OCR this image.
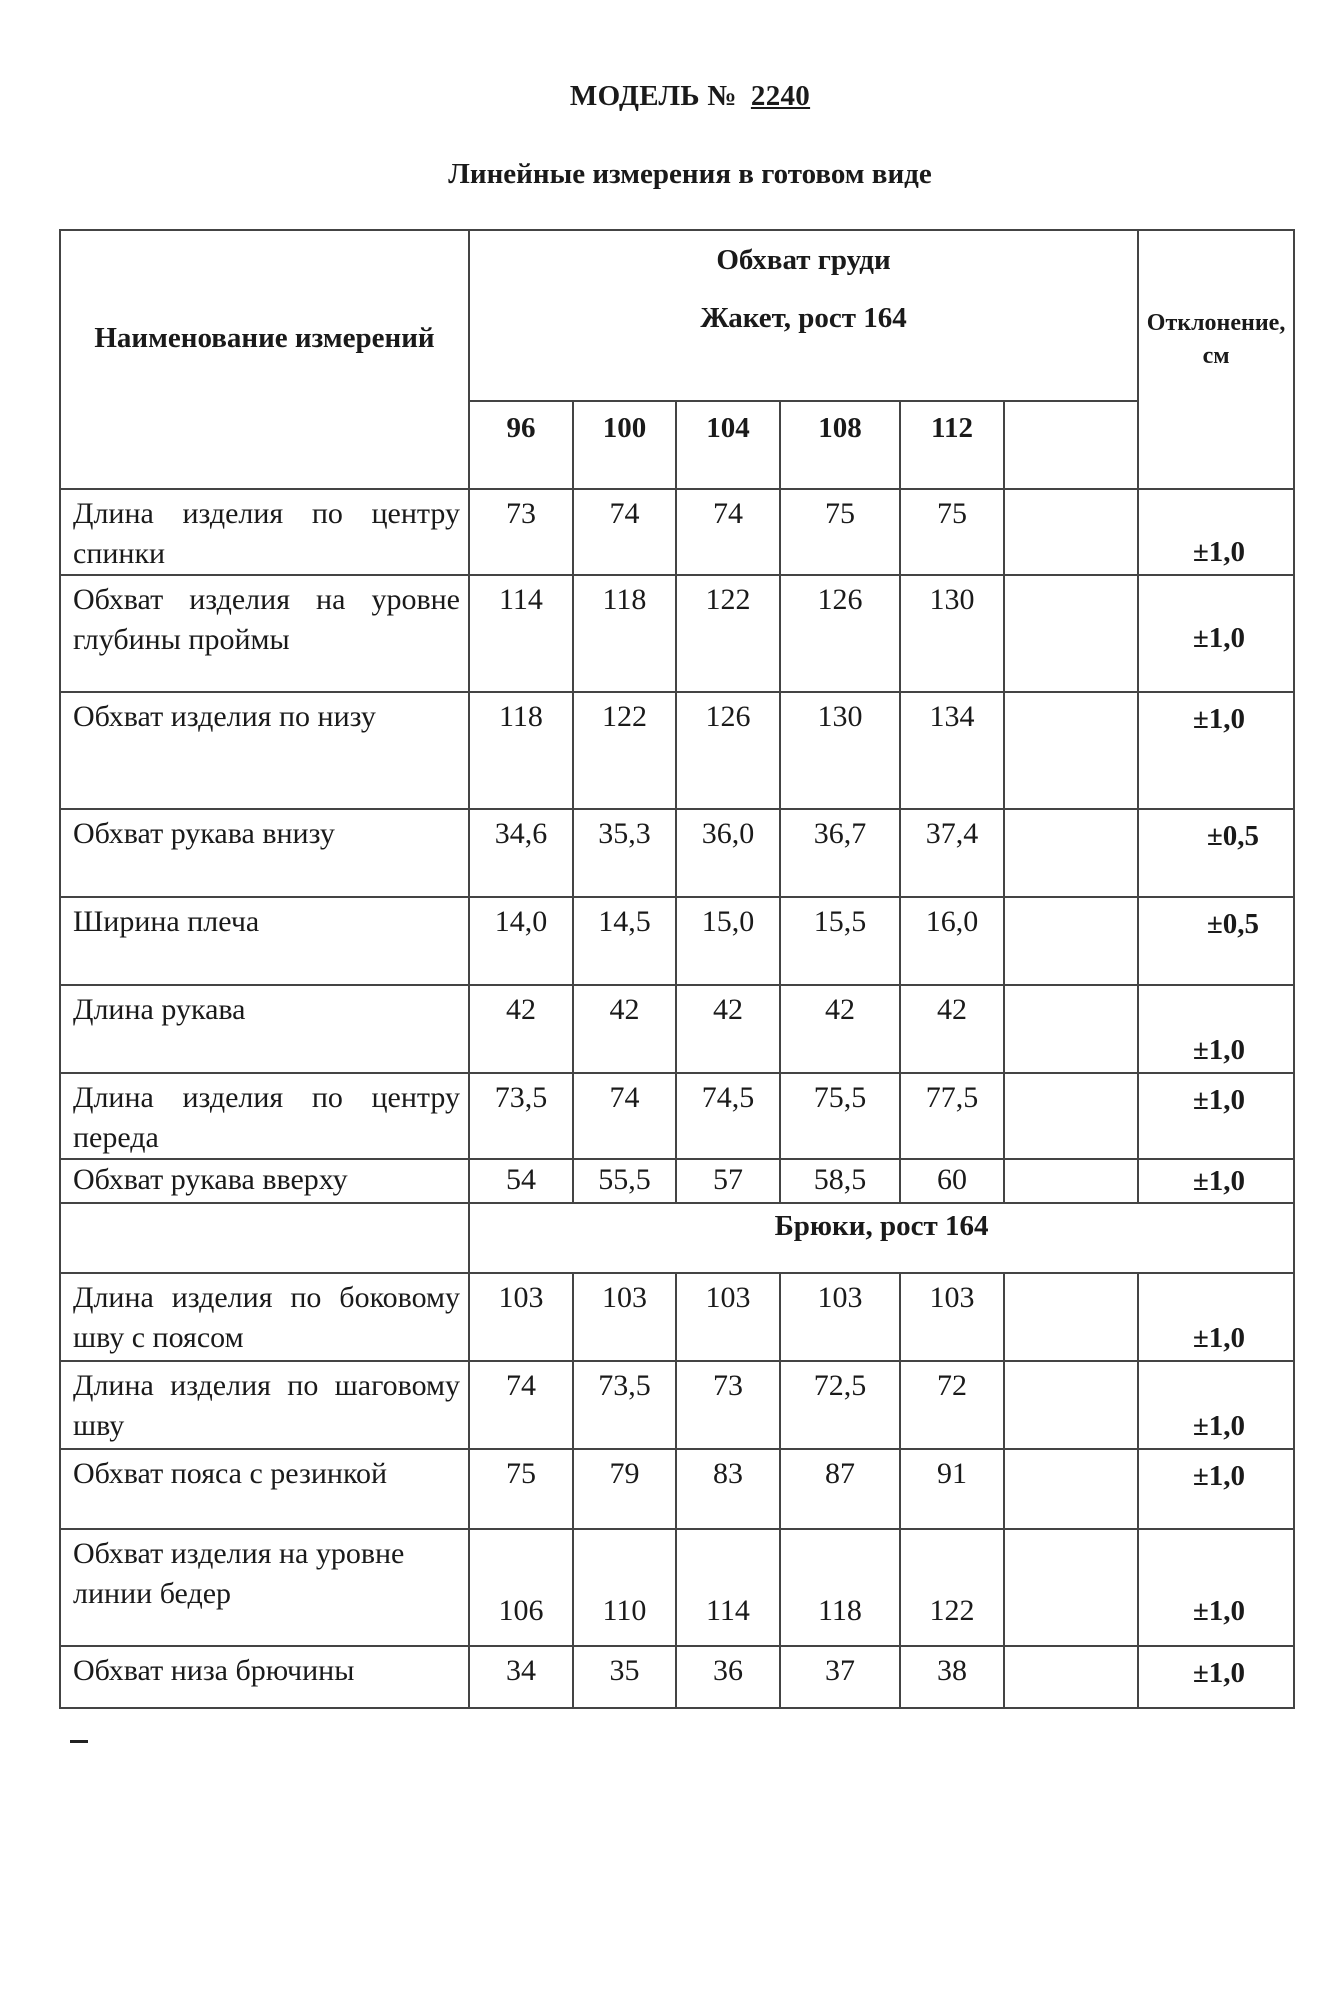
МОДЕЛЬ № 2240
Линейные измерения в готовом виде
Наименование измерений	Обхват груди
Жакет, рост 164						Отклонение, см
	96	100	104	108	112		
Длина изделия по центру спинки	73	74	74	75	75		±1,0
Обхват изделия на уровне глубины проймы	114	118	122	126	130		±1,0
Обхват изделия по низу	118	122	126	130	134		±1,0
Обхват рукава внизу	34,6	35,3	36,0	36,7	37,4		±0,5
Ширина плеча	14,0	14,5	15,0	15,5	16,0		±0,5
Длина рукава	42	42	42	42	42		±1,0
Длина изделия по центру переда	73,5	74	74,5	75,5	77,5		±1,0
Обхват рукава вверху	54	55,5	57	58,5	60		±1,0
	Брюки, рост 164						
Длина изделия по боковому шву с поясом	103	103	103	103	103		±1,0
Длина изделия по шаговому шву	74	73,5	73	72,5	72		±1,0
Обхват пояса с резинкой	75	79	83	87	91		±1,0
Обхват изделия на уровне линии бедер	106	110	114	118	122		±1,0
Обхват низа брючины	34	35	36	37	38		±1,0
